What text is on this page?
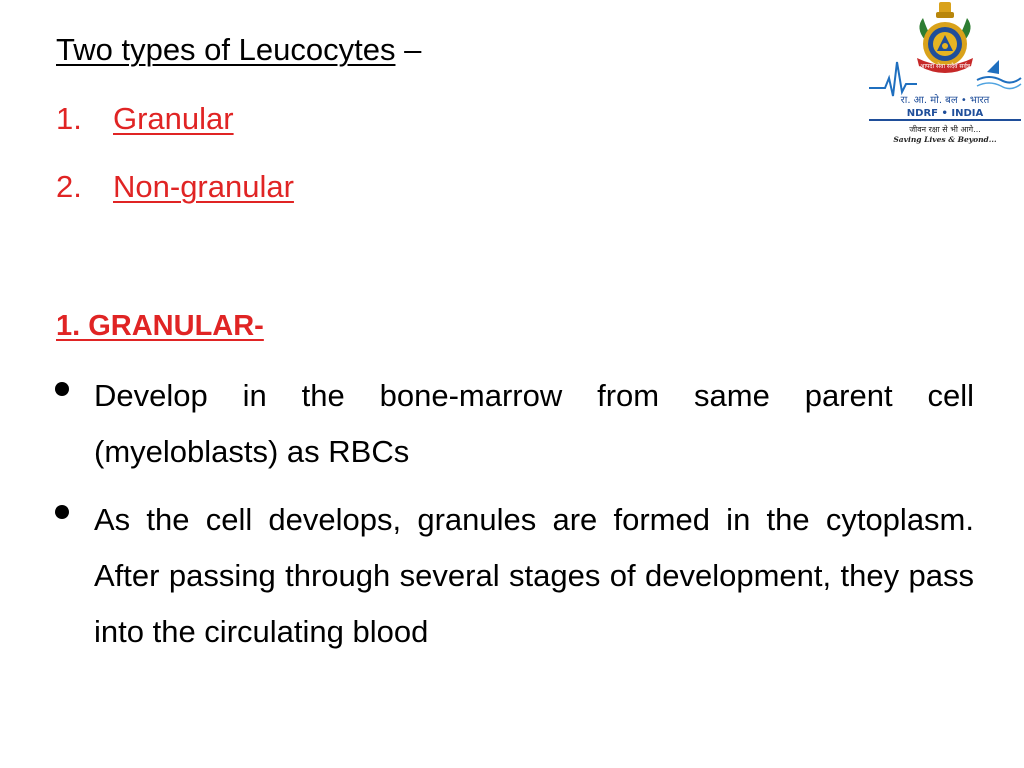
Two types of Leucocytes –
1. Granular
2. Non-granular
1. GRANULAR-

Develop in the bone-marrow from same parent cell (myeloblasts) as RBCs

As the cell develops, granules are formed in the cytoplasm. After passing through several stages of development, they pass into the circulating blood

आपदा सेवा सदैव सर्वत्र
रा. आ. मो. बल • भारत
NDRF • INDIA
जीवन रक्षा से भी आगे...
Saving Lives & Beyond...
